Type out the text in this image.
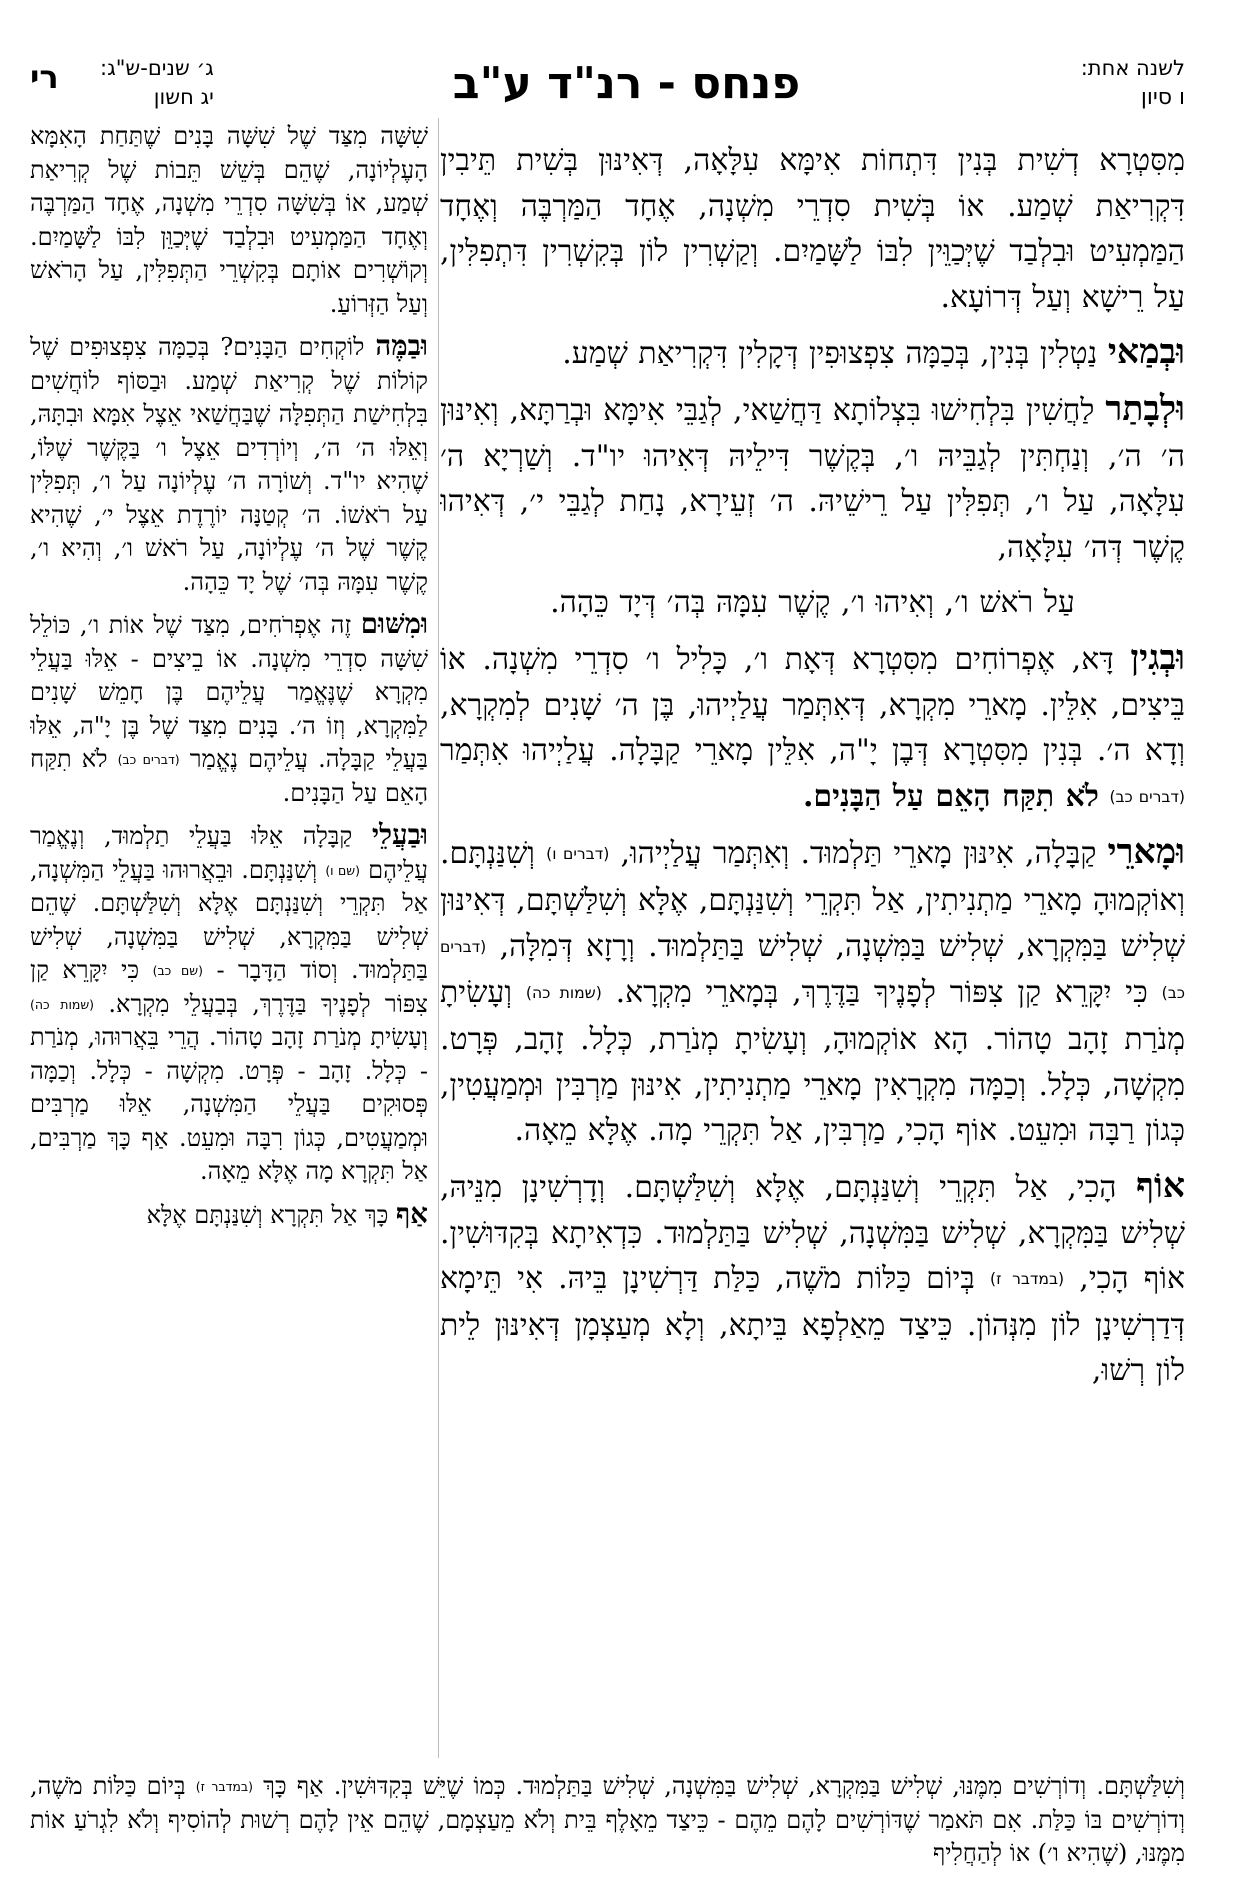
לשנה אחת:
ו סיון
פנחס - רנ"ד ע"ב
ג׳ שנים-ש"ג:
יג חשון
רי

מִסִּטְרָא דְשִׁית בְּנִין דִּתְחוֹת אִימָּא עִלָּאָה, דְּאִינּוּן בְּשִׁית תֵּיבִין דִּקְרִיאַת שְׁמַע. אוֹ בְּשִׁית סִדְרֵי מִשְׁנָה, אֶחָד הַמַּרְבֶּה וְאֶחָד הַמַּמְעִיט וּבִלְבַד שֶׁיְּכַוֵּין לִבּוֹ לַשָּׁמַיִם. וְקַשְׁרִין לוֹן בְּקִשְׁרִין דִּתְפִלִּין, עַל רֵישָׁא וְעַל דְּרוֹעָא.

וּבְמַאי נַטְלִין בְּנִין, בְּכַמָּה צִפְצוּפִין דְּקָלִין דִּקְרִיאַת שְׁמַע.

וּלְבָתַר לַחֲשִׁין בִּלְחִישׁוּ בִּצְלוֹתָא דַּחֲשַׁאי, לְגַבֵּי אִימָּא וּבְרַתָּא, וְאִינּוּן ה׳ ה׳, וְנַחְתִּין לְגַבֵּיהּ ו׳, בְּקֶשֶׁר דִּילֵיהּ דְּאִיהוּ יו"ד. וְשַׁרְיָא ה׳ עִלָּאָה, עַל ו׳, תְּפִלִּין עַל רֵישֵׁיהּ. ה׳ זְעֵירָא, נָחַת לְגַבֵּי י׳, דְּאִיהוּ קֶשֶׁר דְּה׳ עִלָּאָה,

עַל רֹאשׁ ו׳, וְאִיהוּ ו׳, קֶשֶׁר עִמָּהּ בְּה׳ דְּיָד כֵּהָה.

וּבְגִין דָּא, אֶפְרוֹחִים מִסִּטְרָא דְּאָת ו׳, כָּלִיל ו׳ סִדְרֵי מִשְׁנָה. אוֹ בֵּיצִים, אִלֵּין. מָארֵי מִקְרָא, דְּאִתְּמַר עֲלַיְיהוּ, בֶּן ה׳ שָׁנִים לְמִקְרָא, וְדָא ה׳. בְּנִין מִסִּטְרָא דְּבֶן יָ"ה, אִלֵּין מָארֵי קַבָּלָה. עֲלַיְיהוּ אִתְּמַר (דברים כב) לֹא תִקַּח הָאֵם עַל הַבָּנִים.

וּמָארֵי קַבָּלָה, אִינּוּן מָארֵי תַּלְמוּד. וְאִתְּמַר עֲלַיְיהוּ, (דברים ו) וְשִׁנַּנְתָּם. וְאוֹקְמוּהָ מָארֵי מַתְנִיתִין, אַל תִּקְרֵי וְשִׁנַּנְתָּם, אֶלָּא וְשִׁלַּשְׁתָּם, דְּאִינּוּן שְׁלִישׁ בַּמִּקְרָא, שְׁלִישׁ בַּמִּשְׁנָה, שְׁלִישׁ בַּתַּלְמוּד. וְרָזָא דְּמִלָּה, (דברים כב) כִּי יִקָּרֵא קַן צִפּוֹר לְפָנֶיךָ בַּדֶּרֶךְ, בְּמָארֵי מִקְרָא. (שמות כה) וְעָשִׂיתָ מְנֹרַת זָהָב טָהוֹר. הָא אוֹקְמוּהָ, וְעָשִׂיתָ מְנֹרַת, כְּלָל. זָהָב, פְּרָט. מִקְשָׁה, כְּלָל. וְכַמָּה מִקְרָאִין מָארֵי מַתְנִיתִין, אִינּוּן מַרְבִּין וּמְמַעֲטִין, כְּגוֹן רַבָּה וּמִעֵט. אוֹף הָכִי, מַרְבִּין, אַל תִּקְרֵי מָה. אֶלָּא מֵאָה.

אוֹף הָכִי, אַל תִּקְרֵי וְשִׁנַּנְתָּם, אֶלָּא וְשִׁלַּשְׁתָּם. וְדָרְשִׁינָן מִנֵּיהּ, שְׁלִישׁ בַּמִּקְרָא, שְׁלִישׁ בַּמִּשְׁנָה, שְׁלִישׁ בַּתַּלְמוּד. כִּדְאִיתָא בְּקִדּוּשִׁין. אוֹף הָכִי, (במדבר ז) בְּיוֹם כַּלּוֹת מֹשֶׁה, כַּלַּת דַּרְשִׁינָן בֵּיהּ. אִי תֵּימָא דְּדַרְשִׁינָן לוֹן מִנְּהוֹן. כֵּיצַד מֵאַלְפָא בֵּיתָא, וְלָא מְעַצְמָן דְּאִינּוּן לֵית לוֹן רְשׁוּ,

שִׁשָּׁה מִצַּד שֶׁל שִׁשָּׁה בָּנִים שֶׁתַּחַת הָאִמָּא הָעֶלְיוֹנָה, שֶׁהֵם בְּשֵׁשׁ תֵּבוֹת שֶׁל קְרִיאַת שְׁמַע, אוֹ בְּשִׁשָּׁה סִדְרֵי מִשְׁנָה, אֶחָד הַמַּרְבֶּה וְאֶחָד הַמַּמְעִיט וּבִלְבַד שֶׁיְּכַוֵּן לִבּוֹ לַשָּׁמַיִם. וְקוֹשְׁרִים אוֹתָם בְּקִשְׁרֵי הַתְּפִלִּין, עַל הָרֹאשׁ וְעַל הַזְּרוֹעַ.

וּבַמֶּה לוֹקְחִים הַבָּנִים? בְּכַמָּה צִפְצוּפִים שֶׁל קוֹלוֹת שֶׁל קְרִיאַת שְׁמַע. וּבַסּוֹף לוֹחֲשִׁים בִּלְחִישַׁת הַתְּפִלָּה שֶׁבַּחֲשַׁאי אֵצֶל אִמָּא וּבִתָּהּ, וְאֵלּוּ ה׳ ה׳, וְיוֹרְדִים אֵצֶל ו׳ בַּקֶּשֶׁר שֶׁלּוֹ, שֶׁהִיא יו"ד. וְשׁוֹרָה ה׳ עֶלְיוֹנָה עַל ו׳, תְּפִלִּין עַל רֹאשׁוֹ. ה׳ קְטַנָּה יוֹרֶדֶת אֵצֶל י׳, שֶׁהִיא קֶשֶׁר שֶׁל ה׳ עֶלְיוֹנָה, עַל רֹאשׁ ו׳, וְהִיא ו׳, קֶשֶׁר עִמָּהּ בְּה׳ שֶׁל יָד כֵּהָה.

וּמִשּׁוּם זֶה אֶפְרֹחִים, מִצַּד שֶׁל אוֹת ו׳, כּוֹלֵל שִׁשָּׁה סִדְרֵי מִשְׁנָה. אוֹ בֵיצִים - אֵלּוּ בַּעֲלֵי מִקְרָא שֶׁנֶּאֱמַר עֲלֵיהֶם בֶּן חָמֵשׁ שָׁנִים לַמִּקְרָא, וְזוֹ ה׳. בָּנִים מִצַּד שֶׁל בֶּן יָ"ה, אֵלּוּ בַּעֲלֵי קַבָּלָה. עֲלֵיהֶם נֶאֱמַר (דברים כב) לֹא תִקַּח הָאֵם עַל הַבָּנִים.

וּבַעֲלֵי קַבָּלָה אֵלּוּ בַּעֲלֵי תַלְמוּד, וְנֶאֱמַר עֲלֵיהֶם (שם ו) וְשִׁנַּנְתָּם. וּבֵאֲרוּהוּ בַּעֲלֵי הַמִּשְׁנָה, אַל תִּקְרֵי וְשִׁנַּנְתָּם אֶלָּא וְשִׁלַּשְׁתָּם. שֶׁהֵם שְׁלִישׁ בַּמִּקְרָא, שְׁלִישׁ בַּמִּשְׁנָה, שְׁלִישׁ בַּתַּלְמוּד. וְסוֹד הַדָּבָר - (שם כב) כִּי יִקָּרֵא קַן צִפּוֹר לְפָנֶיךָ בַּדֶּרֶךְ, בְּבַעֲלֵי מִקְרָא. (שמות כה) וְעָשִׂיתָ מְנֹרַת זָהָב טָהוֹר. הֲרֵי בֵּאֲרוּהוּ, מְנֹרַת - כְּלָל. זָהָב - פְּרָט. מִקְשָׁה - כְּלָל. וְכַמָּה פְּסוּקִים בַּעֲלֵי הַמִּשְׁנָה, אֵלּוּ מַרְבִּים וּמְמַעֲטִים, כְּגוֹן רִבָּה וּמִעֵט. אַף כָּךְ מַרְבִּים, אַל תִּקְרָא מָה אֶלָּא מֵאָה.

אַף כָּךְ אַל תִּקְרָא וְשִׁנַּנְתָּם אֶלָּא

וְשִׁלַּשְׁתָּם. וְדוֹרְשִׁים מִמֶּנּוּ, שְׁלִישׁ בַּמִּקְרָא, שְׁלִישׁ בַּמִּשְׁנָה, שְׁלִישׁ בַּתַּלְמוּד. כְּמוֹ שֶׁיֵּשׁ בְּקִדּוּשִׁין. אַף כָּךְ (במדבר ז) בְּיוֹם כַּלּוֹת מֹשֶׁה, וְדוֹרְשִׁים בּוֹ כַּלַּת. אִם תֹּאמַר שֶׁדּוֹרְשִׁים לָהֶם מֵהֶם - כֵּיצַד מֵאָלֶף בֵּית וְלֹא מֵעַצְמָם, שֶׁהֵם אֵין לָהֶם רְשׁוּת לְהוֹסִיף וְלֹא לִגְרֹעַ אוֹת מִמֶּנּוּ, (שֶׁהִיא ו׳) אוֹ לְהַחֲלִיף
